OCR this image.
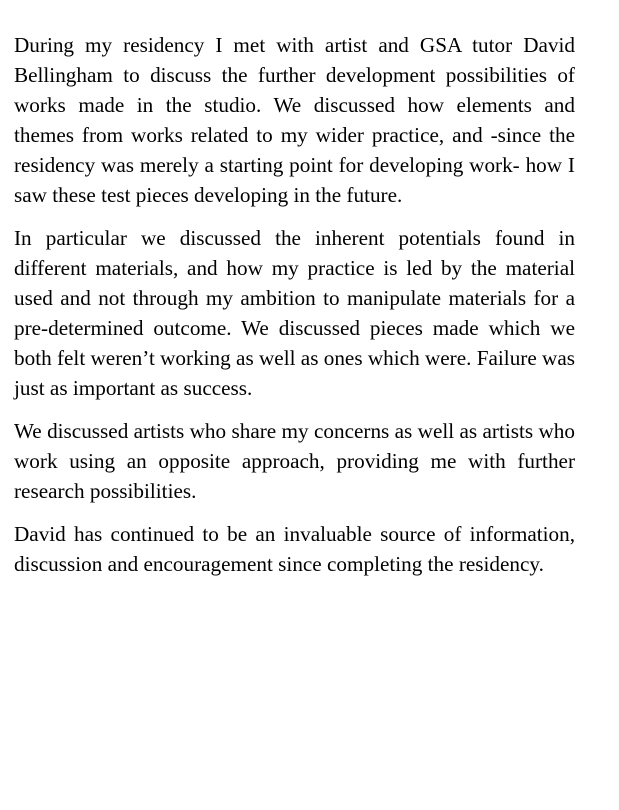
During my residency I met with artist and GSA tutor David Bellingham to discuss the further development possibilities of works made in the studio. We discussed how elements and themes from works related to my wider practice, and -since the residency was merely a starting point for developing work- how I saw these test pieces developing in the future.

In particular we discussed the inherent potentials found in different materials, and how my practice is led by the material used and not through my ambition to manipulate materials for a pre-determined outcome. We discussed pieces made which we both felt weren’t working as well as ones which were. Failure was just as important as success.

We discussed artists who share my concerns as well as artists who work using an opposite approach, providing me with further research possibilities.

David has continued to be an invaluable source of information, discussion and encouragement since completing the residency.
